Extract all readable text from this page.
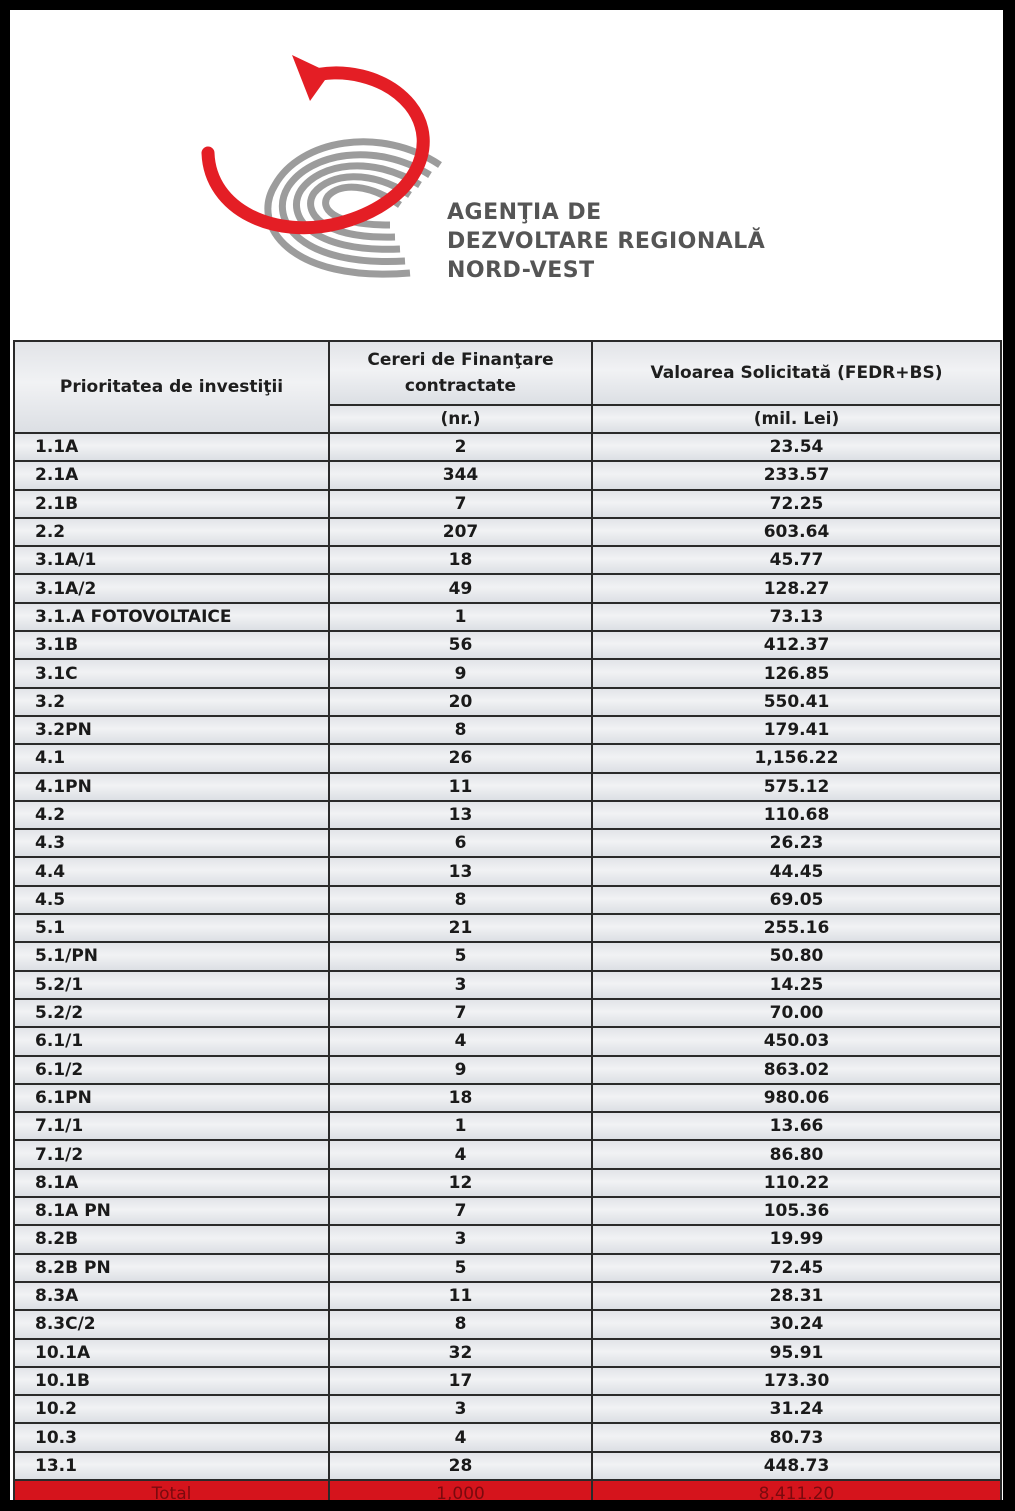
AGENŢIA DE
DEZVOLTARE REGIONALĂ
NORD-VEST
Prioritatea de investiţii	Cereri de Finanţare contractate	Valoarea Solicitată (FEDR+BS)
	(nr.)	(mil. Lei)
1.1A	2	23.54
2.1A	344	233.57
2.1B	7	72.25
2.2	207	603.64
3.1A/1	18	45.77
3.1A/2	49	128.27
3.1.A FOTOVOLTAICE	1	73.13
3.1B	56	412.37
3.1C	9	126.85
3.2	20	550.41
3.2PN	8	179.41
4.1	26	1,156.22
4.1PN	11	575.12
4.2	13	110.68
4.3	6	26.23
4.4	13	44.45
4.5	8	69.05
5.1	21	255.16
5.1/PN	5	50.80
5.2/1	3	14.25
5.2/2	7	70.00
6.1/1	4	450.03
6.1/2	9	863.02
6.1PN	18	980.06
7.1/1	1	13.66
7.1/2	4	86.80
8.1A	12	110.22
8.1A PN	7	105.36
8.2B	3	19.99
8.2B PN	5	72.45
8.3A	11	28.31
8.3C/2	8	30.24
10.1A	32	95.91
10.1B	17	173.30
10.2	3	31.24
10.3	4	80.73
13.1	28	448.73
Total	1,000	8,411.20
